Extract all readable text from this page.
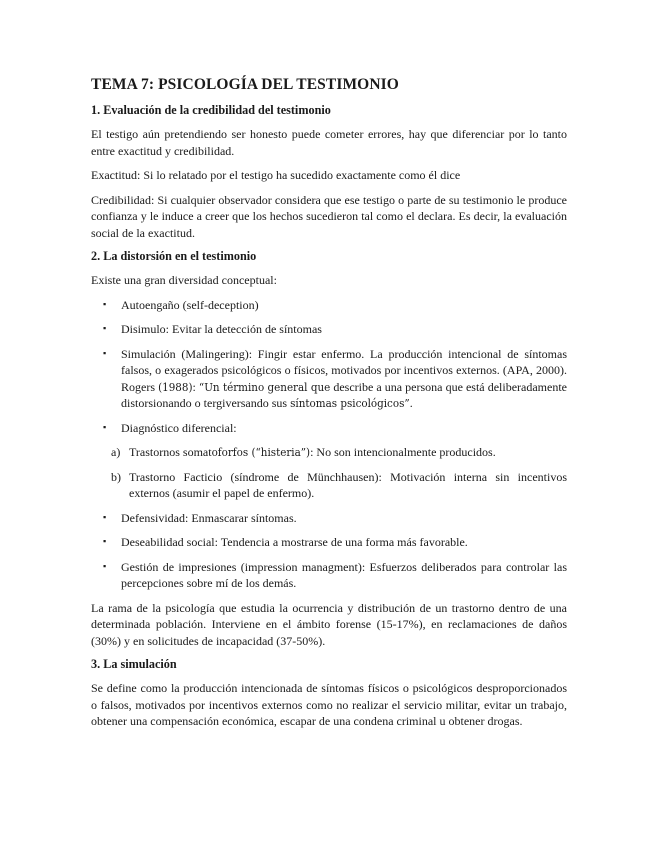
TEMA 7: PSICOLOGÍA DEL TESTIMONIO
1. Evaluación de la credibilidad del testimonio

El testigo aún pretendiendo ser honesto puede cometer errores, hay que diferenciar por lo tanto entre exactitud y credibilidad.

Exactitud: Si lo relatado por el testigo ha sucedido exactamente como él dice

Credibilidad: Si cualquier observador considera que ese testigo o parte de su testimonio le produce confianza y le induce a creer que los hechos sucedieron tal como el declara. Es decir, la evaluación social de la exactitud.

2. La distorsión en el testimonio

Existe una gran diversidad conceptual:

▪ Autoengaño (self-deception)
▪ Disimulo: Evitar la detección de síntomas
▪ Simulación (Malingering): Fingir estar enfermo. La producción intencional de síntomas falsos, o exagerados psicológicos o físicos, motivados por incentivos externos. (APA, 2000). Rogers (1988): “Un término general que describe a una persona que está deliberadamente distorsionando o tergiversando sus síntomas psicológicos”.
▪ Diagnóstico diferencial:
a) Trastornos somatoforfos (“histeria”): No son intencionalmente producidos.
b) Trastorno Facticio (síndrome de Münchhausen): Motivación interna sin incentivos externos (asumir el papel de enfermo).
▪ Defensividad: Enmascarar síntomas.
▪ Deseabilidad social: Tendencia a mostrarse de una forma más favorable.
▪ Gestión de impresiones (impression managment): Esfuerzos deliberados para controlar las percepciones sobre mí de los demás.

La rama de la psicología que estudia la ocurrencia y distribución de un trastorno dentro de una determinada población. Interviene en el ámbito forense (15-17%), en reclamaciones de daños (30%) y en solicitudes de incapacidad (37-50%).

3. La simulación

Se define como la producción intencionada de síntomas físicos o psicológicos desproporcionados o falsos, motivados por incentivos externos como no realizar el servicio militar, evitar un trabajo, obtener una compensación económica, escapar de una condena criminal u obtener drogas.
